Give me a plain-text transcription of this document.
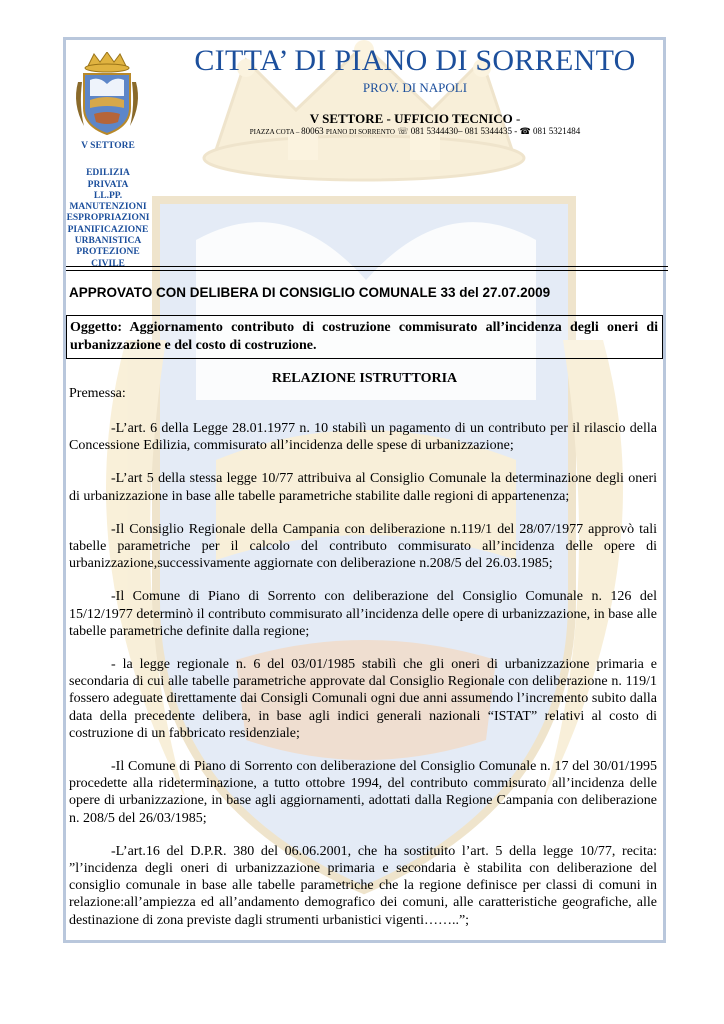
V SETTORE
EDILIZIA
PRIVATA
LL.PP.
MANUTENZIONI
ESPROPRIAZIONI
PIANIFICAZIONE
URBANISTICA
PROTEZIONE
CIVILE
CITTA’ DI PIANO DI SORRENTO
PROV. DI NAPOLI
V SETTORE - UFFICIO TECNICO -
PIAZZA COTA – 80063 PIANO DI SORRENTO ☏ 081 5344430– 081 5344435 - ☎ 081 5321484
APPROVATO CON DELIBERA DI CONSIGLIO COMUNALE 33 del 27.07.2009
Oggetto: Aggiornamento contributo di costruzione commisurato all’incidenza degli oneri di urbanizzazione e del costo di costruzione.
RELAZIONE ISTRUTTORIA
Premessa:

-L’art. 6 della Legge 28.01.1977 n. 10 stabilì un pagamento di un contributo per il rilascio della Concessione Edilizia, commisurato all’incidenza delle spese di urbanizzazione;

-L’art 5 della stessa legge 10/77 attribuiva al Consiglio Comunale la determinazione degli oneri di urbanizzazione in base alle tabelle parametriche stabilite dalle regioni di appartenenza;

-Il Consiglio Regionale della Campania con deliberazione n.119/1 del 28/07/1977 approvò tali tabelle parametriche per il calcolo del contributo commisurato all’incidenza delle opere di urbanizzazione,successivamente aggiornate con deliberazione n.208/5 del 26.03.1985;

-Il Comune di Piano di Sorrento con deliberazione del Consiglio Comunale n. 126 del 15/12/1977 determinò il contributo commisurato all’incidenza delle opere di urbanizzazione, in base alle tabelle parametriche definite dalla regione;

- la legge regionale n. 6 del 03/01/1985 stabilì che gli oneri di urbanizzazione primaria e secondaria di cui alle tabelle parametriche approvate dal Consiglio Regionale con deliberazione n. 119/1 fossero adeguate direttamente dai Consigli Comunali ogni due anni assumendo l’incremento subito dalla data della precedente delibera, in base agli indici generali nazionali “ISTAT” relativi al costo di costruzione di un fabbricato residenziale;

-Il Comune di Piano di Sorrento con deliberazione del Consiglio Comunale n. 17 del 30/01/1995 procedette alla rideterminazione, a tutto ottobre 1994, del contributo commisurato all’incidenza delle opere di urbanizzazione, in base agli aggiornamenti, adottati dalla Regione Campania con deliberazione n. 208/5 del 26/03/1985;

-L’art.16 del D.P.R. 380 del 06.06.2001, che ha sostituito l’art. 5 della legge 10/77, recita: ”l’incidenza degli oneri di urbanizzazione primaria e secondaria è stabilita con deliberazione del consiglio comunale in base alle tabelle parametriche che la regione definisce per classi di comuni in relazione:all’ampiezza ed all’andamento demografico dei comuni, alle caratteristiche geografiche, alle destinazione di zona previste dagli strumenti urbanistici vigenti……..”;
